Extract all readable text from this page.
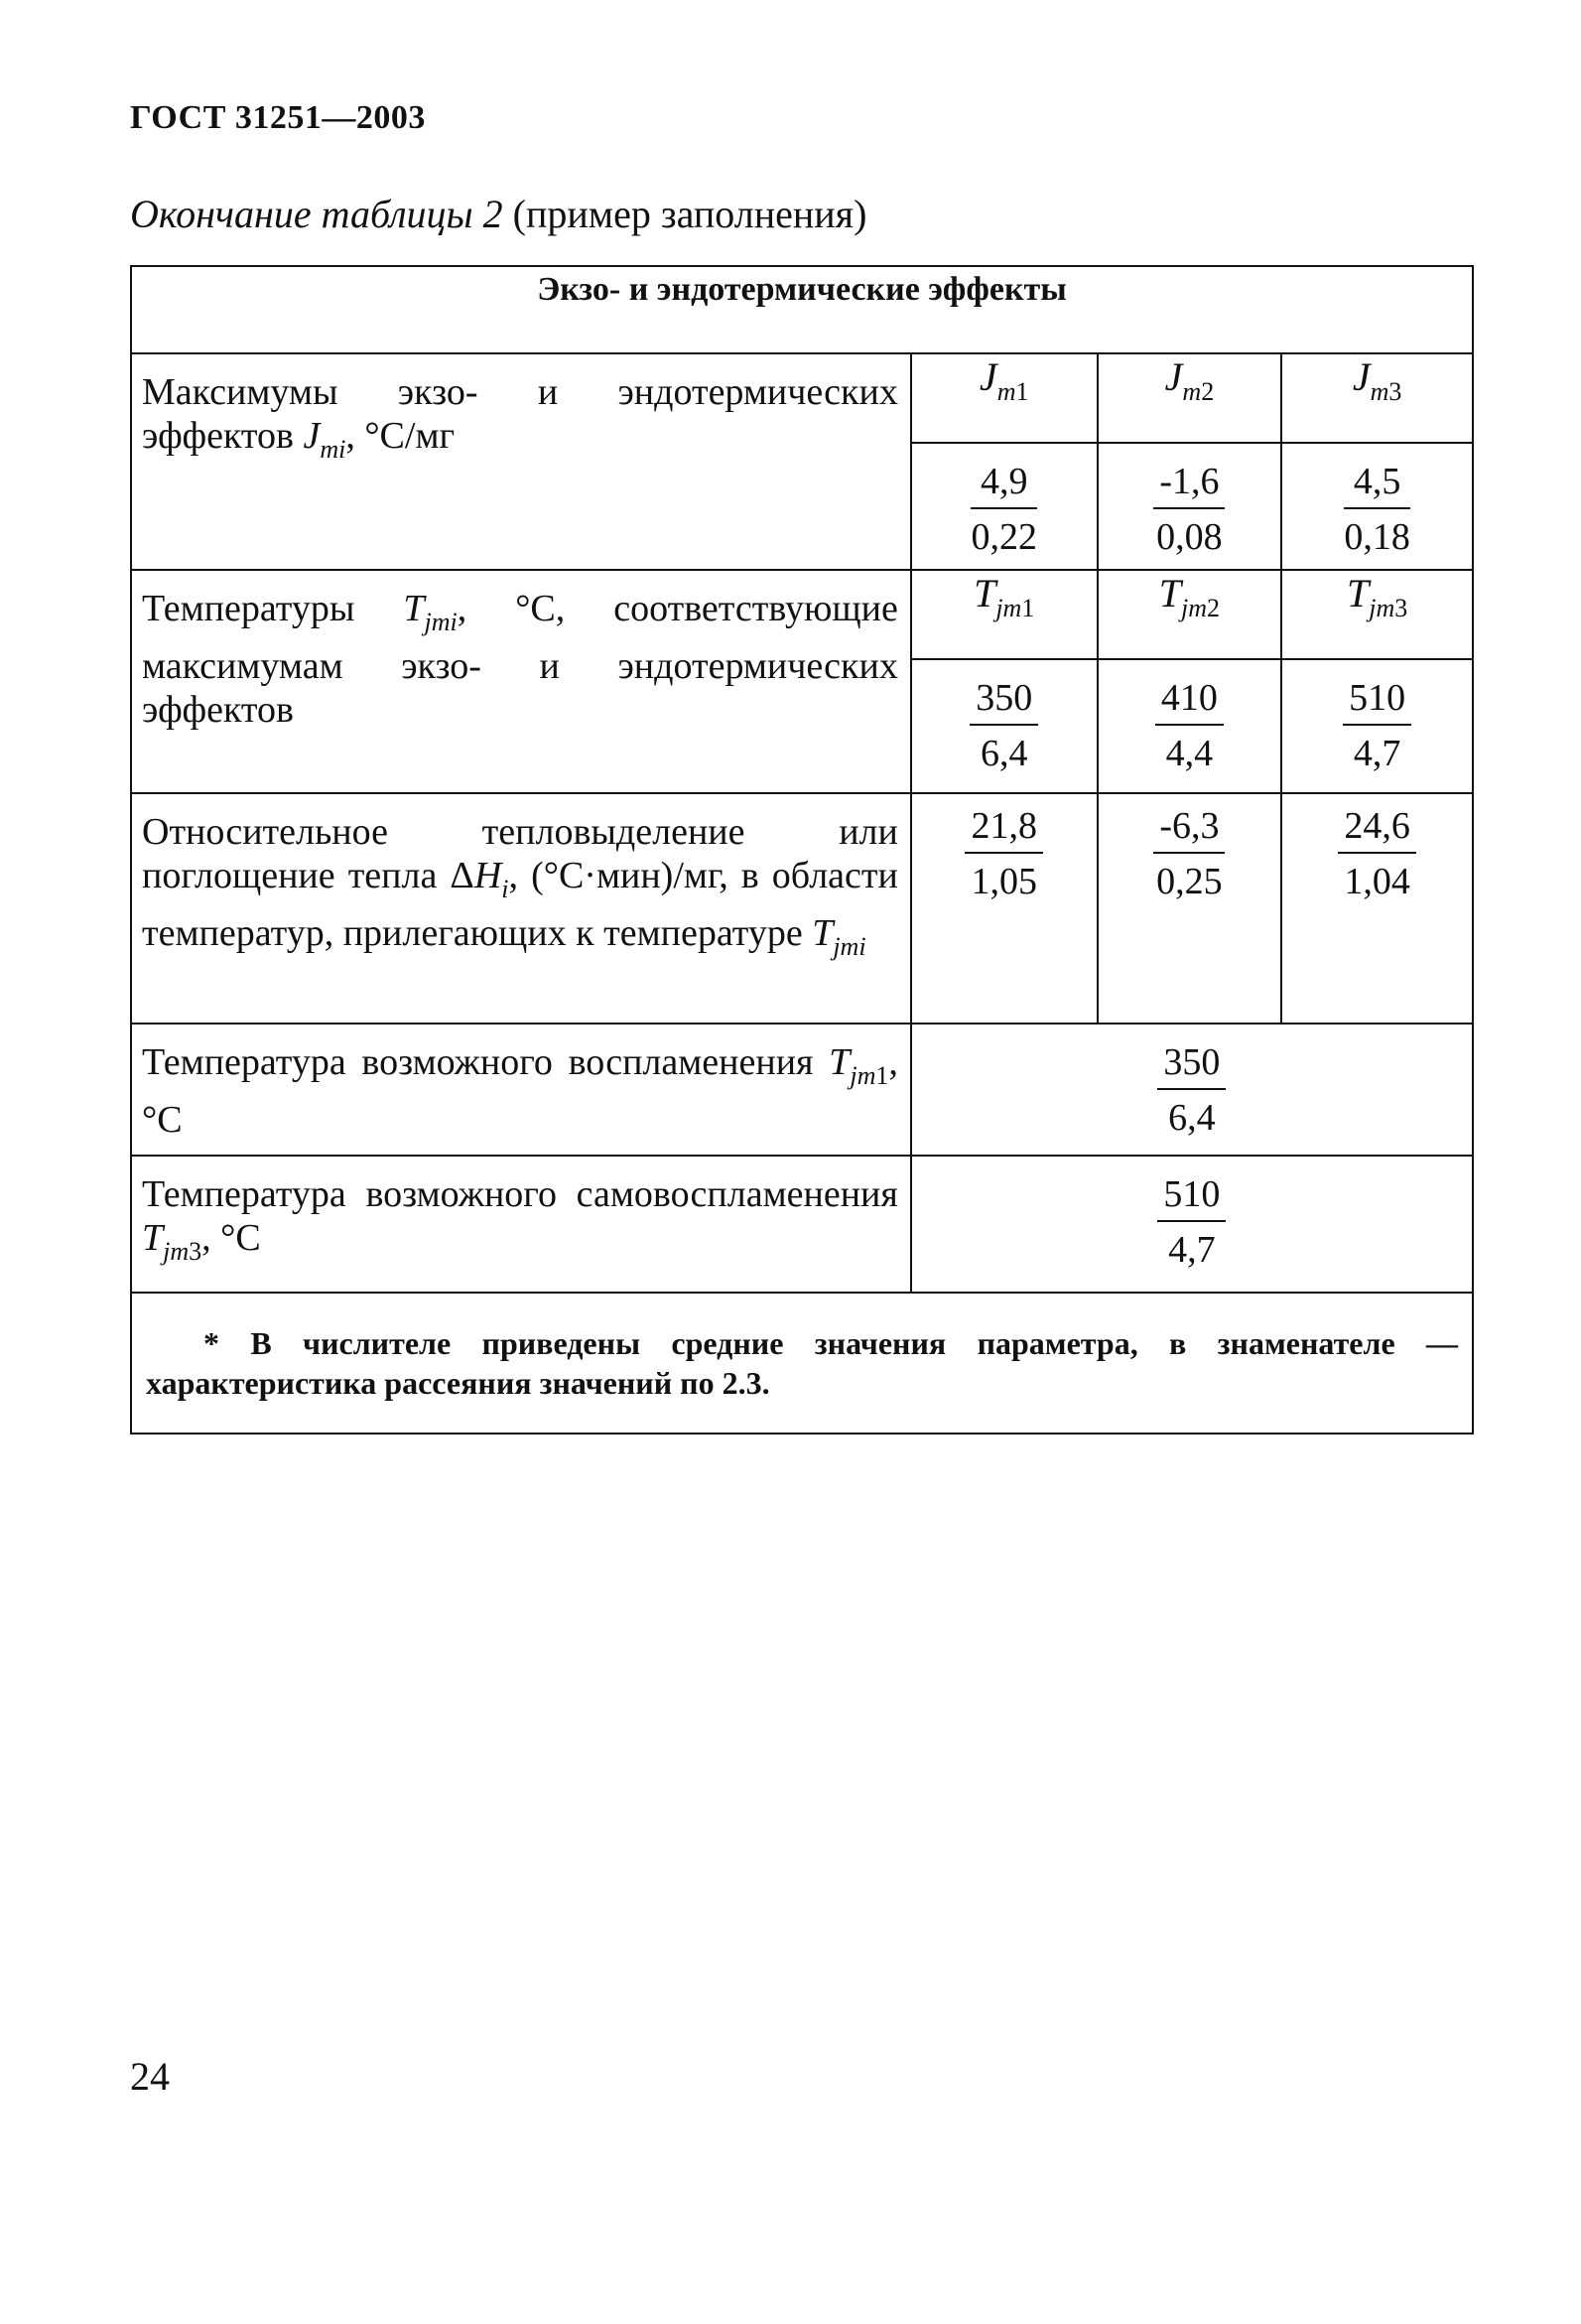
ГОСТ 31251—2003
Окончание таблицы 2 (пример заполнения)
Экзо- и эндотермические эффекты			
Максимумы экзо- и эндотермических эффектов $J_{mi}$, °С/мг	$J_{m1}$	$J_{m2}$	$J_{m3}$

	$\frac{4,9}{0,22}$	$\frac{-1,6}{0,08}$	$\frac{4,5}{0,18}$

Температуры $T_{jmi}$, °С, соответствующие максимумам экзо- и эндотермических эффектов	$T_{jm1}$	$T_{jm2}$	$T_{jm3}$

	$\frac{350}{6,4}$	$\frac{410}{4,4}$	$\frac{510}{4,7}$

Относительное тепловыделение или поглощение тепла $\Delta H_i$, (°С·мин)/мг, в области температур, прилегающих к температуре $T_{jmi}$	$\frac{21,8}{1,05}$	$\frac{-6,3}{0,25}$	$\frac{24,6}{1,04}$

Температура возможного воспламенения $T_{jm1}$, °С	$\frac{350}{6,4}$

Температура возможного самовоспламенения $T_{jm3}$, °С	$\frac{510}{4,7}$

* В числителе приведены средние значения параметра, в знаменателе —характеристика рассеяния значений по 2.3.			
24
